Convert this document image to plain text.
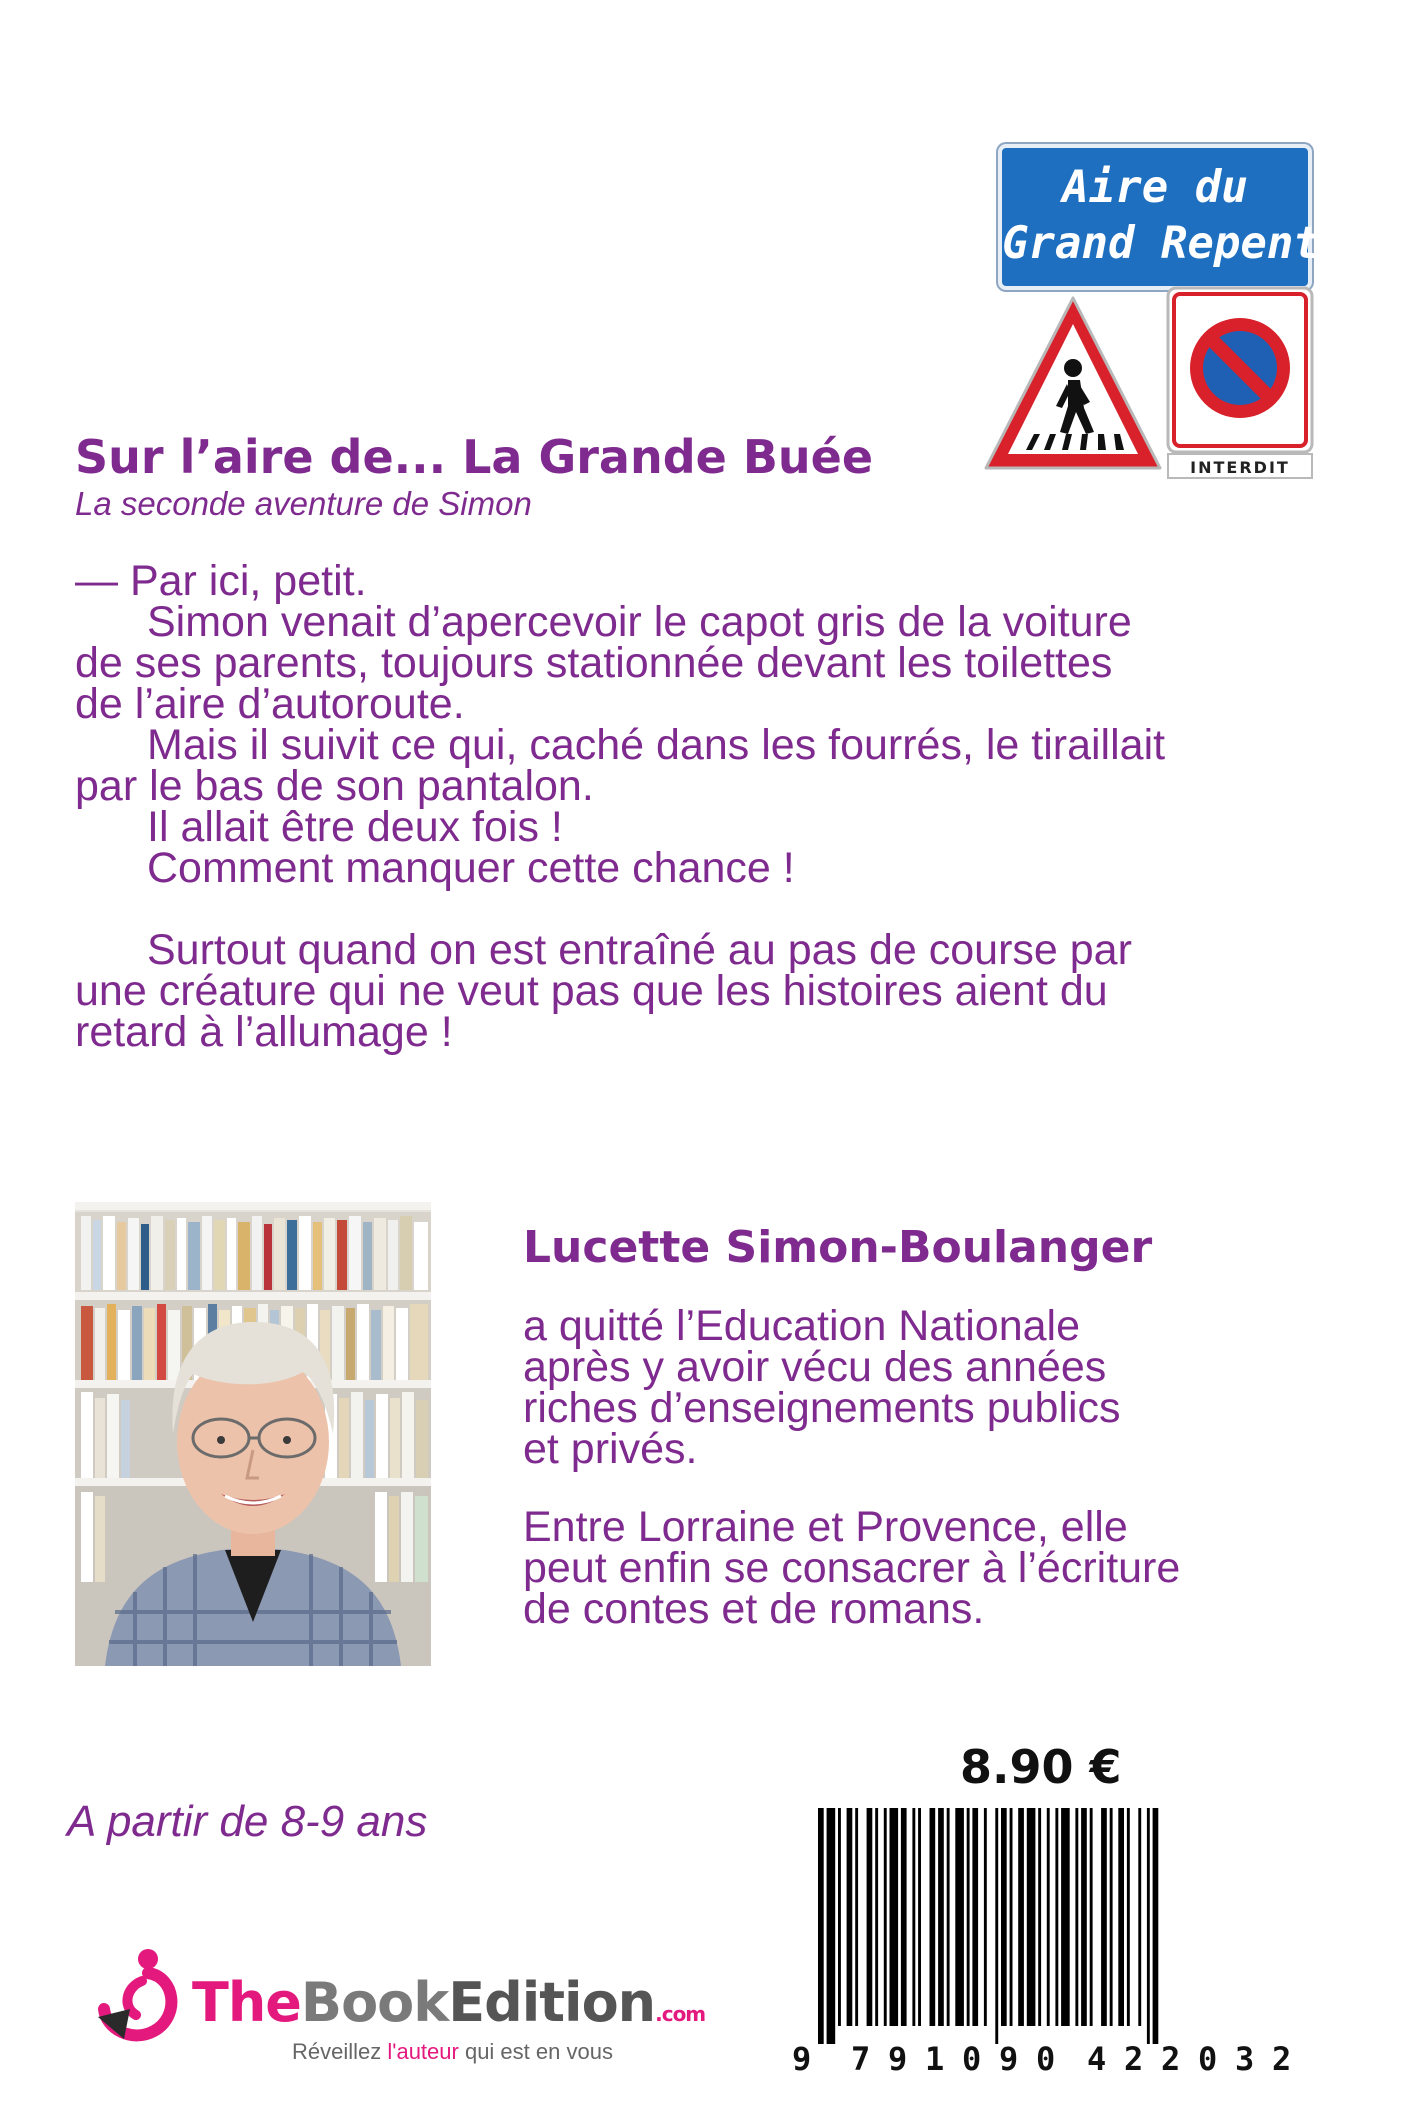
Aire du
Grand Repenti
INTERDIT
Sur l’aire de... La Grande Buée
La seconde aventure de Simon

— Par ici, petit.

Simon venait d’apercevoir le capot gris de la voiture

de ses parents, toujours stationnée devant les toilettes

de l’aire d’autoroute.

Mais il suivit ce qui, caché dans les fourrés, le tiraillait

par le bas de son pantalon.

Il allait être deux fois !

Comment manquer cette chance !

Surtout quand on est entraîné au pas de course par

une créature qui ne veut pas que les histoires aient du

retard à l’allumage !

Lucette Simon-Boulanger

a quitté l’Education Nationale

après y avoir vécu des années

riches d’enseignements publics

et privés.

Entre Lorraine et Provence, elle

peut enfin se consacrer à l’écriture

de contes et de romans.

A partir de 8-9 ans
8.90 €
9 7 9 1 0 9 0 4 2 2 0 3 2
TheBookEdition.com
Réveillez l'auteur qui est en vous
